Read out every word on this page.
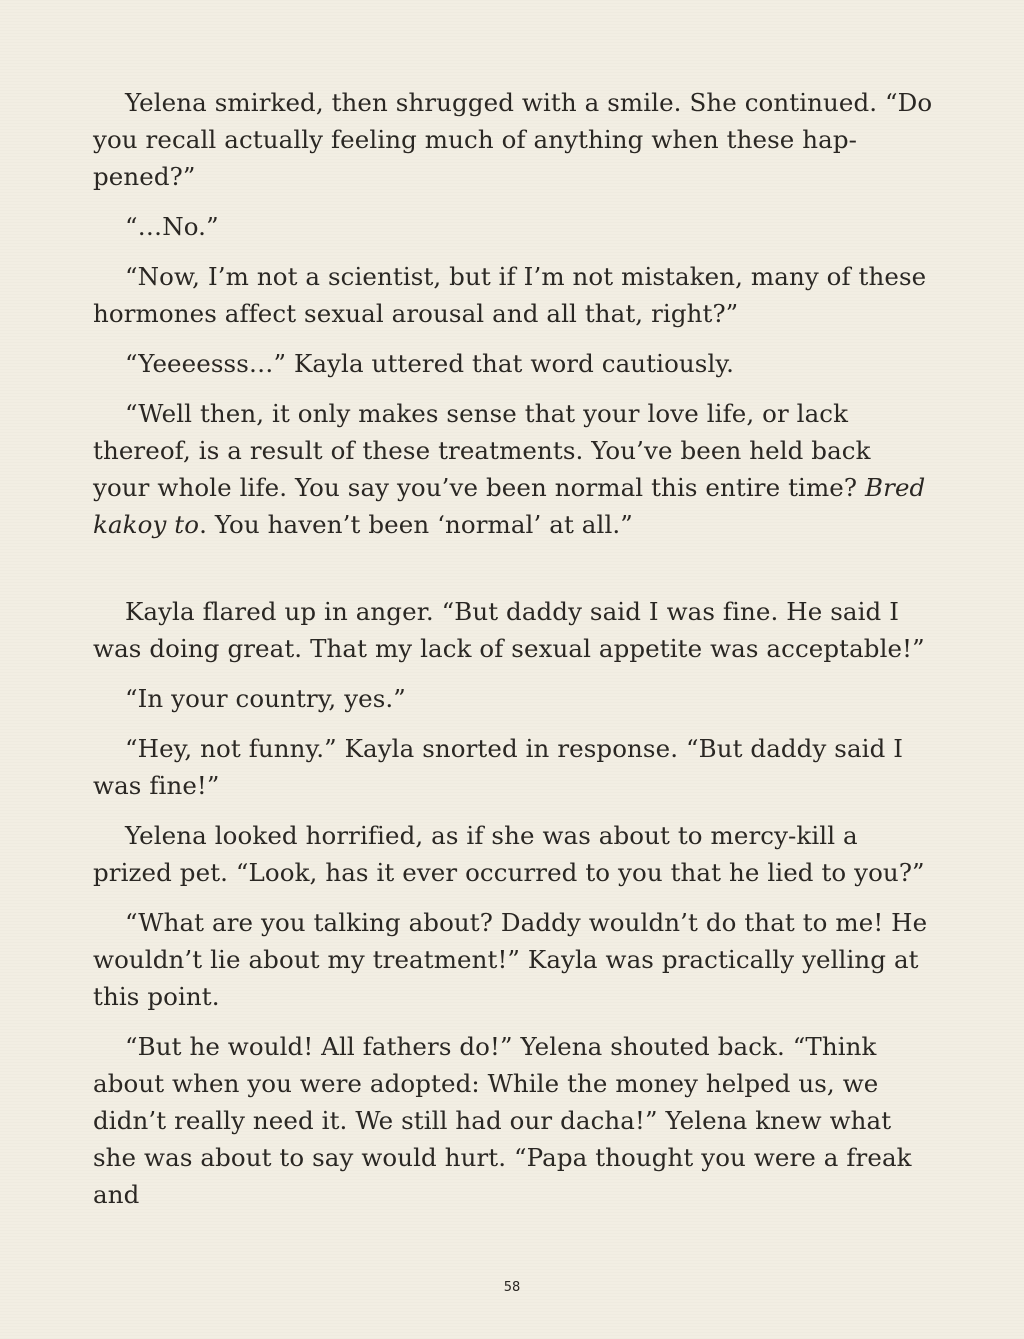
Yelena smirked, then shrugged with a smile. She continued. “Do you recall actually feeling much of anything when these hap-pened?”

“…No.”

“Now, I’m not a scientist, but if I’m not mistaken, many of these hormones affect sexual arousal and all that, right?”

“Yeeeesss…” Kayla uttered that word cautiously.

“Well then, it only makes sense that your love life, or lack thereof, is a result of these treatments. You’ve been held back your whole life. You say you’ve been normal this entire time? Bred kakoy to. You haven’t been ‘normal’ at all.”

Kayla flared up in anger. “But daddy said I was fine. He said I was doing great. That my lack of sexual appetite was acceptable!”

“In your country, yes.”

“Hey, not funny.” Kayla snorted in response. “But daddy said I was fine!”

Yelena looked horrified, as if she was about to mercy-kill a prized pet. “Look, has it ever occurred to you that he lied to you?”

“What are you talking about? Daddy wouldn’t do that to me! He wouldn’t lie about my treatment!” Kayla was practically yelling at this point.

“But he would! All fathers do!” Yelena shouted back. “Think about when you were adopted: While the money helped us, we didn’t really need it. We still had our dacha!” Yelena knew what she was about to say would hurt. “Papa thought you were a freak and

58
